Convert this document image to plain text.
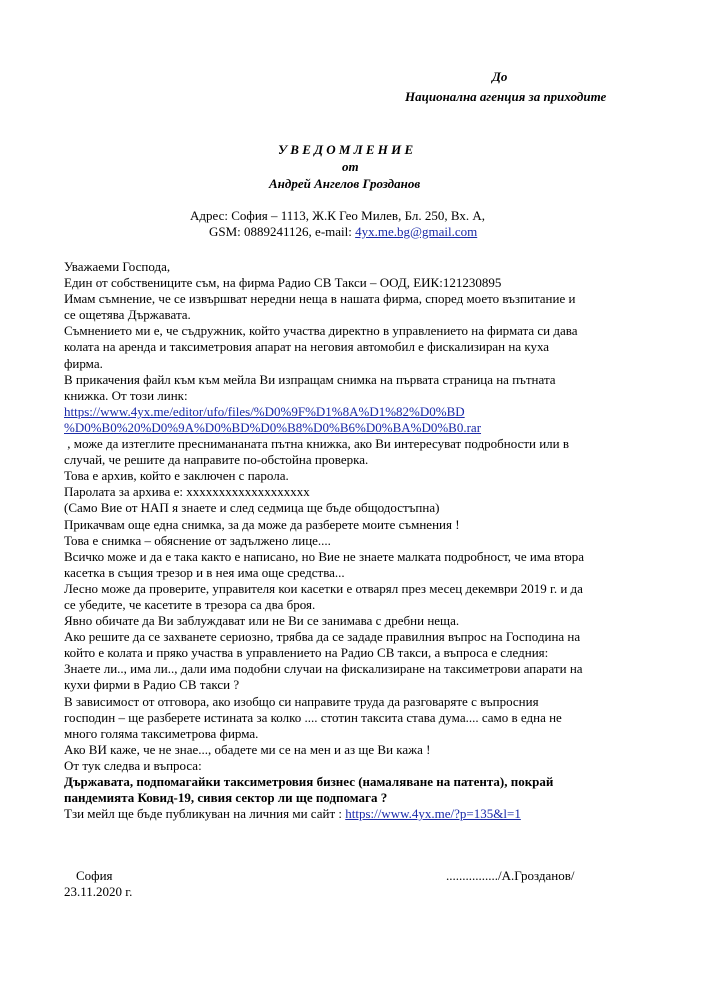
До
Национална агенция за приходите
У В Е Д О М Л Е Н И Е
от
Андрей Ангелов Грозданов
Адрес: София – 1113, Ж.К Гео Милев, Бл. 250, Вх. А,
GSM: 0889241126, e-mail: 4yx.me.bg@gmail.com

Уважаеми Господа,

Един от собствениците съм, на фирма Радио СВ Такси – ООД, ЕИК:121230895

Имам съмнение, че се извършват нередни неща в нашата фирма, според моето възпитание и

се ощетява Държавата.

Съмнението ми е, че съдружник, който участва директно в управлението на фирмата си дава

колата на аренда и таксиметровия апарат на неговия автомобил е фискализиран на куха

фирма.

В прикачения файл към към мейла Ви изпращам снимка на първата страница на пътната

книжка. От този линк:

https://www.4yx.me/editor/ufo/files/%D0%9F%D1%8A%D1%82%D0%BD

%D0%B0%20%D0%9A%D0%BD%D0%B8%D0%B6%D0%BA%D0%B0.rar

, може да изтеглите преснимананата пътна книжка, ако Ви интересуват подробности или в

случай, че решите да направите по-обстойна проверка.

Това е архив, който е заключен с парола.

Паролата за архива е: ххххххххххххххххххх

(Само Вие от НАП я знаете и след седмица ще бъде общодостъпна)

Прикачвам още една снимка, за да може да разберете моите съмнения !

Това е снимка – обяснение от задължено лице....

Всичко може и да е така както е написано, но Вие не знаете малката подробност, че има втора

касетка в същия трезор и в нея има още средства...

Лесно може да проверите, управителя кои касетки е отварял през месец декември 2019 г. и да

се убедите, че касетите в трезора са два броя.

Явно обичате да Ви заблуждават или не Ви се занимава с дребни неща.

Ако решите да се захванете сериозно, трябва да се зададе правилния въпрос на Господина на

който е колата и пряко участва в управлението на Радио СВ такси, а въпроса е следния:

Знаете ли.., има ли.., дали има подобни случаи на фискализиране на таксиметрови апарати на

кухи фирми в Радио СВ такси ?

В зависимост от отговора, ако изобщо си направите труда да разговаряте с въпросния

господин – ще разберете истината за колко .... стотин таксита става дума.... само в една не

много голяма таксиметрова фирма.

Ако ВИ каже, че не знае..., обадете ми се на мен и аз ще Ви кажа !

От тук следва и въпроса:

Държавата, подпомагайки таксиметровия бизнес (намаляване на патента), покрай

пандемията Ковид-19, сивия сектор ли ще подпомага ?

Тзи мейл ще бъде публикуван на личния ми сайт : https://www.4yx.me/?p=135&l=1

София	................/А.Грозданов/
23.11.2020 г.
